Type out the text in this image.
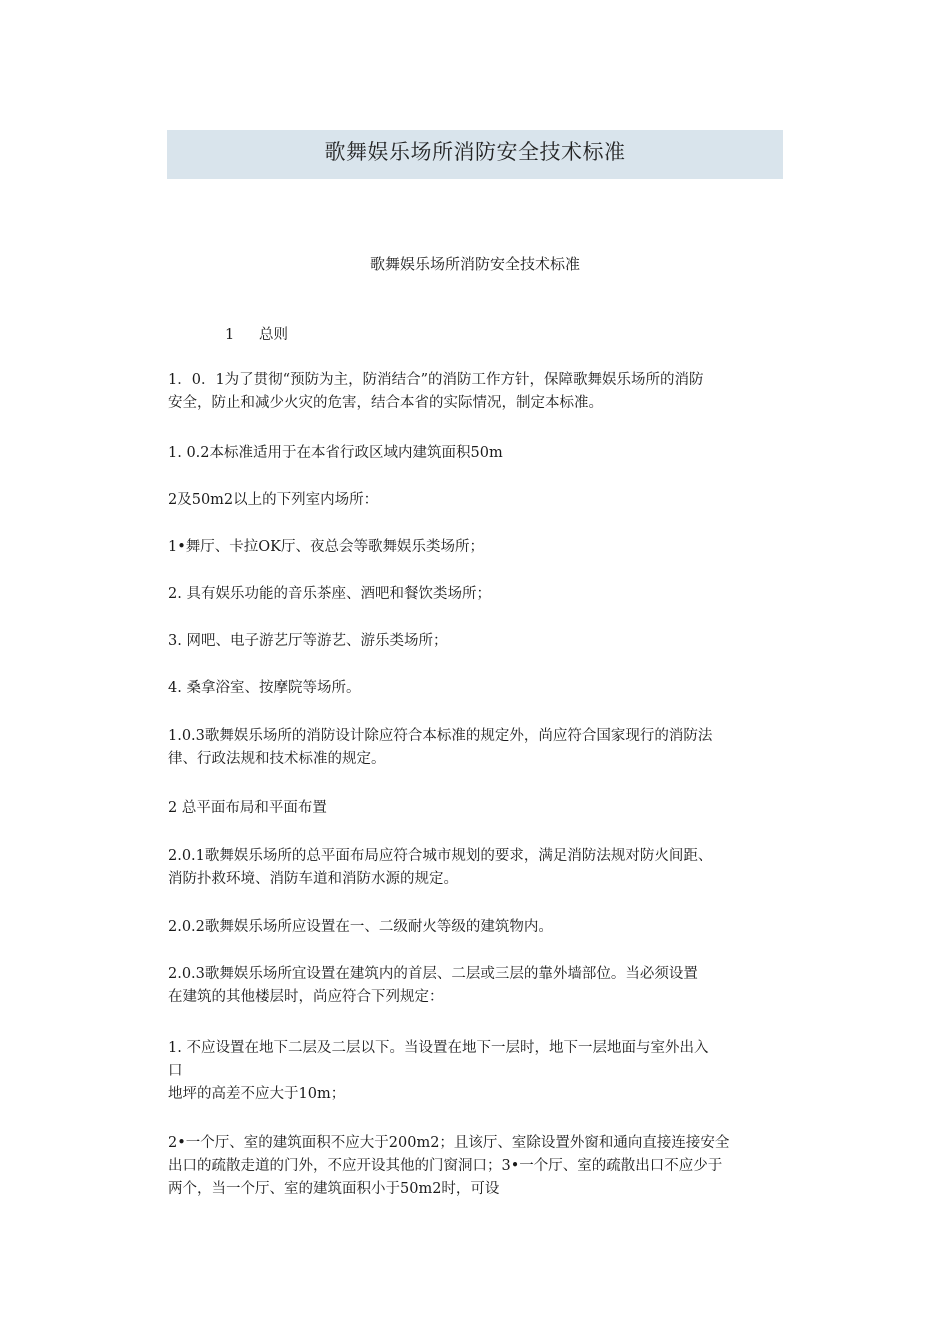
歌舞娱乐场所消防安全技术标准
歌舞娱乐场所消防安全技术标准
1 总则
1．0．1为了贯彻“预防为主，防消结合”的消防工作方针，保障歌舞娱乐场所的消防
安全，防止和减少火灾的危害，结合本省的实际情况，制定本标准。
1. 0.2本标准适用于在本省行政区域内建筑面积50m
2及50m2以上的下列室内场所：
1•舞厅、卡拉OK厅、夜总会等歌舞娱乐类场所；
2. 具有娱乐功能的音乐茶座、酒吧和餐饮类场所；
3. 网吧、电子游艺厅等游艺、游乐类场所；
4. 桑拿浴室、按摩院等场所。
1.0.3歌舞娱乐场所的消防设计除应符合本标准的规定外，尚应符合国家现行的消防法
律、行政法规和技术标准的规定。
2 总平面布局和平面布置
2.0.1歌舞娱乐场所的总平面布局应符合城市规划的要求，满足消防法规对防火间距、
消防扑救环境、消防车道和消防水源的规定。
2.0.2歌舞娱乐场所应设置在一、二级耐火等级的建筑物内。
2.0.3歌舞娱乐场所宜设置在建筑内的首层、二层或三层的靠外墙部位。当必须设置
在建筑的其他楼层时，尚应符合下列规定：
1. 不应设置在地下二层及二层以下。当设置在地下一层时，地下一层地面与室外出入
口
地坪的高差不应大于10m；
2•一个厅、室的建筑面积不应大于200m2；且该厅、室除设置外窗和通向直接连接安全
出口的疏散走道的门外，不应开设其他的门窗洞口；3•一个厅、室的疏散出口不应少于
两个，当一个厅、室的建筑面积小于50m2时，可设
